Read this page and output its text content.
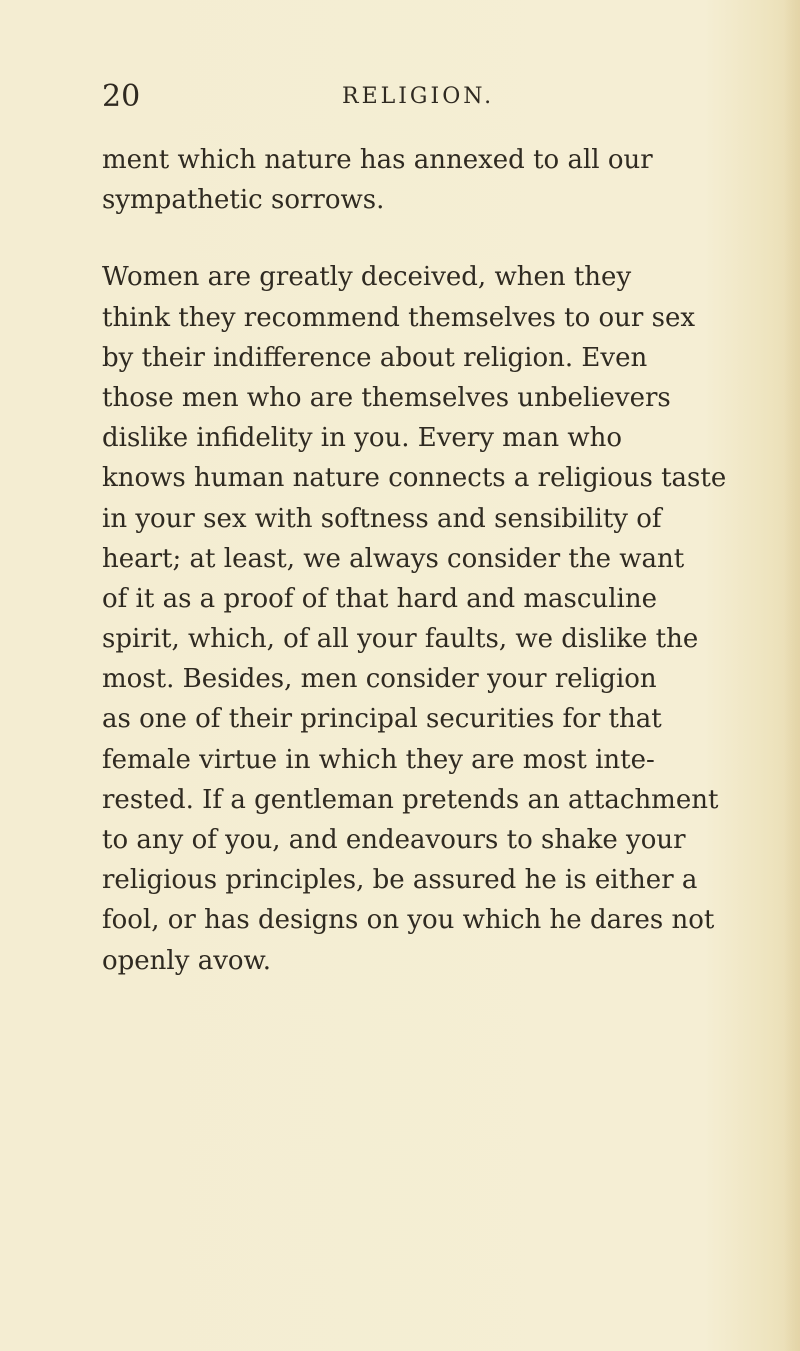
20	RELIGION.
ment which nature has annexed to all our
sympathetic sorrows.
Women are greatly deceived, when they
think they recommend themselves to our sex
by their indifference about religion. Even
those men who are themselves unbelievers
dislike infidelity in you. Every man who
knows human nature connects a religious taste
in your sex with softness and sensibility of
heart; at least, we always consider the want
of it as a proof of that hard and masculine
spirit, which, of all your faults, we dislike the
most. Besides, men consider your religion
as one of their principal securities for that
female virtue in which they are most inte-
rested. If a gentleman pretends an attachment
to any of you, and endeavours to shake your
religious principles, be assured he is either a
fool, or has designs on you which he dares not
openly avow.
